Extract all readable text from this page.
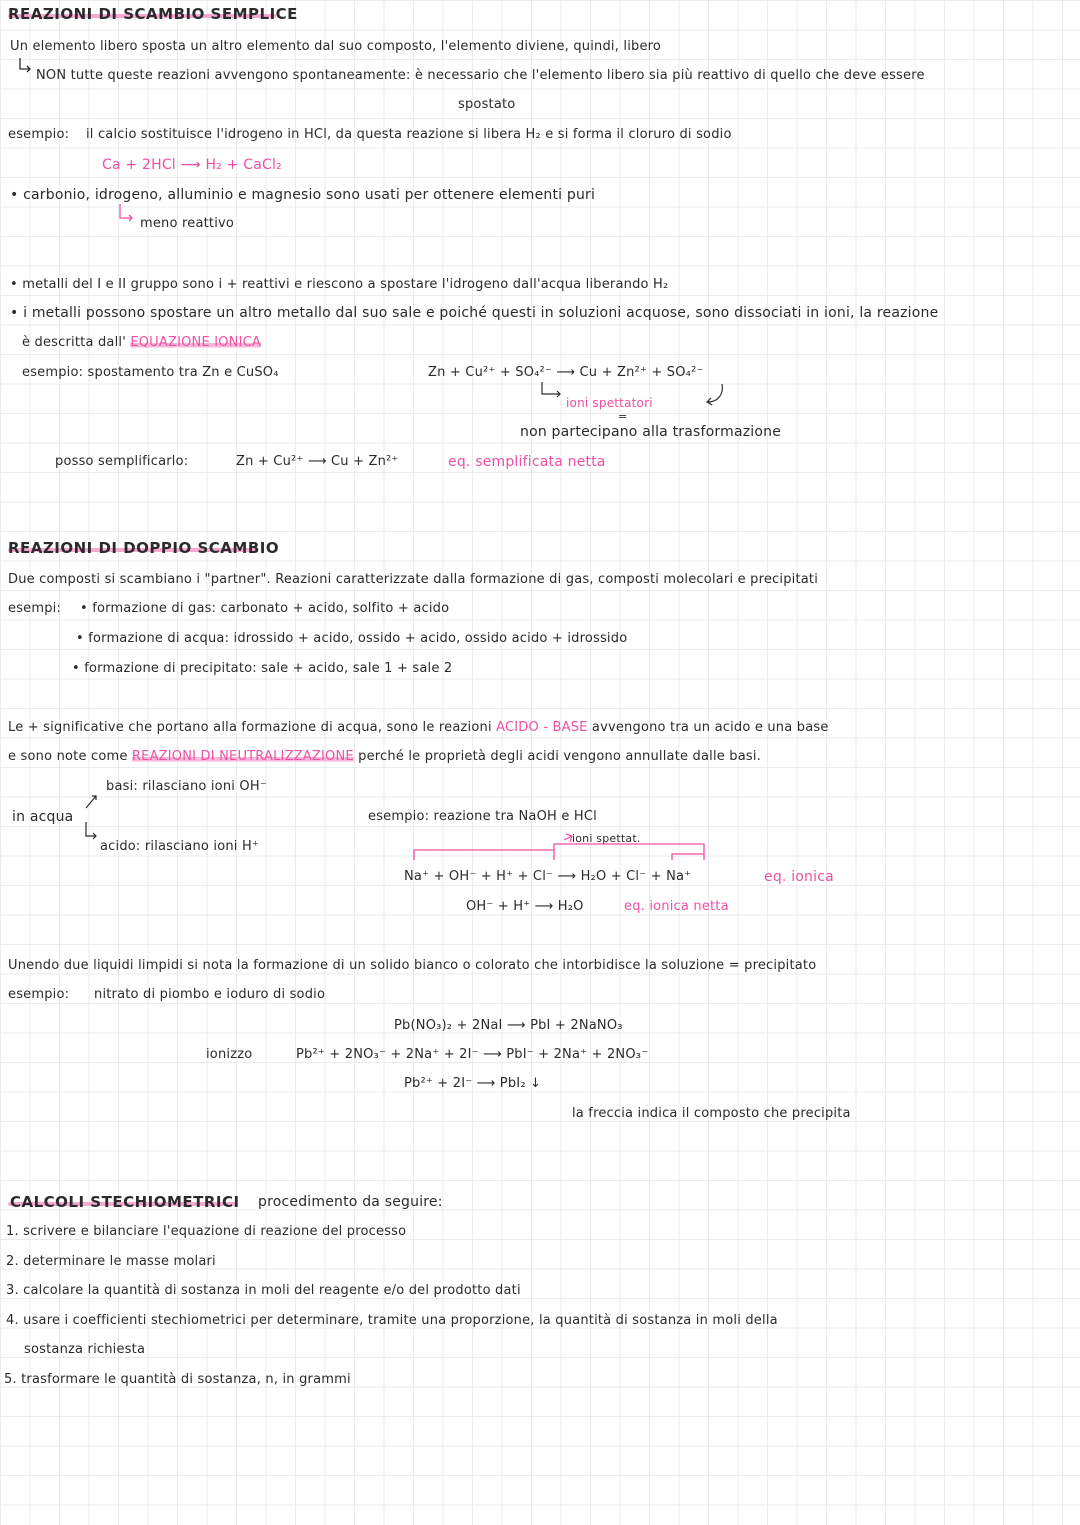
REAZIONI DI SCAMBIO SEMPLICE
Un elemento libero sposta un altro elemento dal suo composto, l'elemento diviene, quindi, libero
NON tutte queste reazioni avvengono spontaneamente: è necessario che l'elemento libero sia più reattivo di quello che deve essere
spostato
esempio: il calcio sostituisce l'idrogeno in HCl, da questa reazione si libera H₂ e si forma il cloruro di sodio
Ca + 2HCl ⟶ H₂ + CaCl₂
• carbonio, idrogeno, alluminio e magnesio sono usati per ottenere elementi puri
meno reattivo
• metalli del I e II gruppo sono i + reattivi e riescono a spostare l'idrogeno dall'acqua liberando H₂
• i metalli possono spostare un altro metallo dal suo sale e poiché questi in soluzioni acquose, sono dissociati in ioni, la reazione
è descritta dall' EQUAZIONE IONICA
esempio: spostamento tra Zn e CuSO₄	Zn + Cu²⁺ + SO₄²⁻ ⟶ Cu + Zn²⁺ + SO₄²⁻
ioni spettatori
=
non partecipano alla trasformazione
posso semplificarlo:	Zn + Cu²⁺ ⟶ Cu + Zn²⁺	eq. semplificata netta
REAZIONI DI DOPPIO SCAMBIO
Due composti si scambiano i "partner". Reazioni caratterizzate dalla formazione di gas, composti molecolari e precipitati
esempi: • formazione di gas: carbonato + acido, solfito + acido
• formazione di acqua: idrossido + acido, ossido + acido, ossido acido + idrossido
• formazione di precipitato: sale + acido, sale 1 + sale 2
Le + significative che portano alla formazione di acqua, sono le reazioni ACIDO - BASE avvengono tra un acido e una base
e sono note come REAZIONI DI NEUTRALIZZAZIONE perché le proprietà degli acidi vengono annullate dalle basi.
basi: rilasciano ioni OH⁻
in acqua
acido: rilasciano ioni H⁺
esempio: reazione tra NaOH e HCl
ioni spettat.
Na⁺ + OH⁻ + H⁺ + Cl⁻ ⟶ H₂O + Cl⁻ + Na⁺	eq. ionica
OH⁻ + H⁺ ⟶ H₂O	eq. ionica netta
Unendo due liquidi limpidi si nota la formazione di un solido bianco o colorato che intorbidisce la soluzione = precipitato
esempio: nitrato di piombo e ioduro di sodio
Pb(NO₃)₂ + 2NaI ⟶ PbI + 2NaNO₃
ionizzo	Pb²⁺ + 2NO₃⁻ + 2Na⁺ + 2I⁻ ⟶ PbI⁻ + 2Na⁺ + 2NO₃⁻
Pb²⁺ + 2I⁻ ⟶ PbI₂ ↓
la freccia indica il composto che precipita
CALCOLI STECHIOMETRICI procedimento da seguire:
1. scrivere e bilanciare l'equazione di reazione del processo
2. determinare le masse molari
3. calcolare la quantità di sostanza in moli del reagente e/o del prodotto dati
4. usare i coefficienti stechiometrici per determinare, tramite una proporzione, la quantità di sostanza in moli della
sostanza richiesta
5. trasformare le quantità di sostanza, n, in grammi
